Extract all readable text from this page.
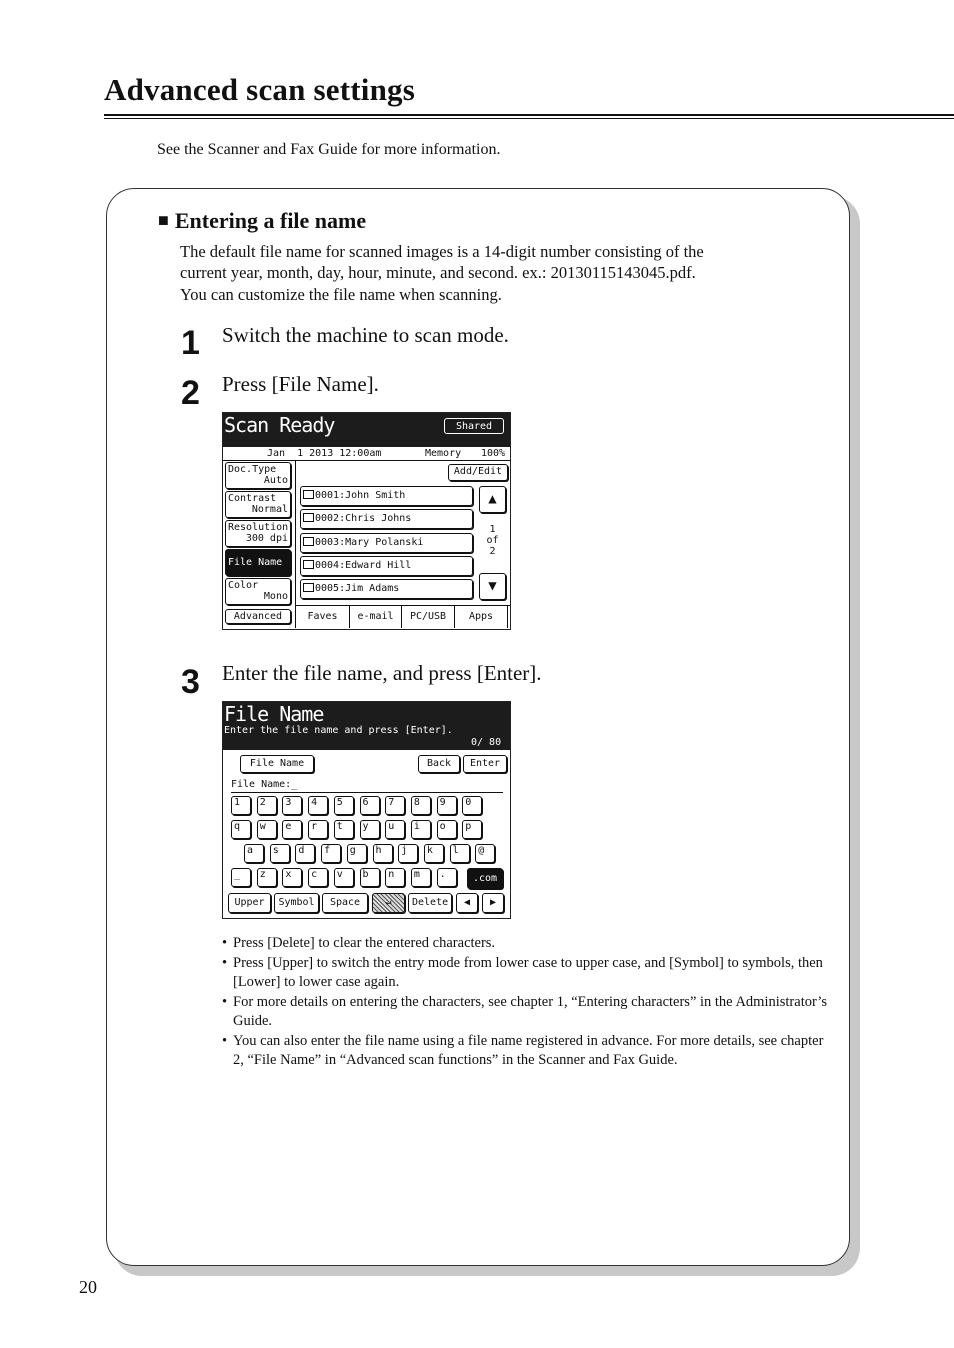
Advanced scan settings
See the Scanner and Fax Guide for more information.
■ Entering a file name
The default file name for scanned images is a 14-digit number consisting of the
current year, month, day, hour, minute, and second. ex.: 20130115143045.pdf.
You can customize the file name when scanning.
1 Switch the machine to scan mode.
2 Press [File Name].
Scan Ready	Shared
Jan  1 2013 12:00am	Memory 100%
Doc.Type
Auto
Contrast
Normal
Resolution
300 dpi
File Name
Color
Mono
Advanced
Add/Edit
0001:John Smith
0002:Chris Johns
0003:Mary Polanski
0004:Edward Hill
0005:Jim Adams
▲
1
of
2
▼
Faves	e-mail	PC/USB	Apps
3 Enter the file name, and press [Enter].
File Name
Enter the file name and press [Enter].
0/ 80
File Name	Back	Enter
File Name:_
1	2	3	4	5	6	7	8	9	0
q	w	e	r	t	y	u	i	o	p
a	s	d	f	g	h	j	k	l	@
_	z	x	c	v	b	n	m	.	.com
Upper	Symbol	Space	↵	Delete	◀	▶
• Press [Delete] to clear the entered characters.
• Press [Upper] to switch the entry mode from lower case to upper case, and [Symbol] to symbols, then [Lower] to lower case again.
• For more details on entering the characters, see chapter 1, “Entering characters” in the Administrator’s Guide.
• You can also enter the file name using a file name registered in advance. For more details, see chapter 2, “File Name” in “Advanced scan functions” in the Scanner and Fax Guide.
20
